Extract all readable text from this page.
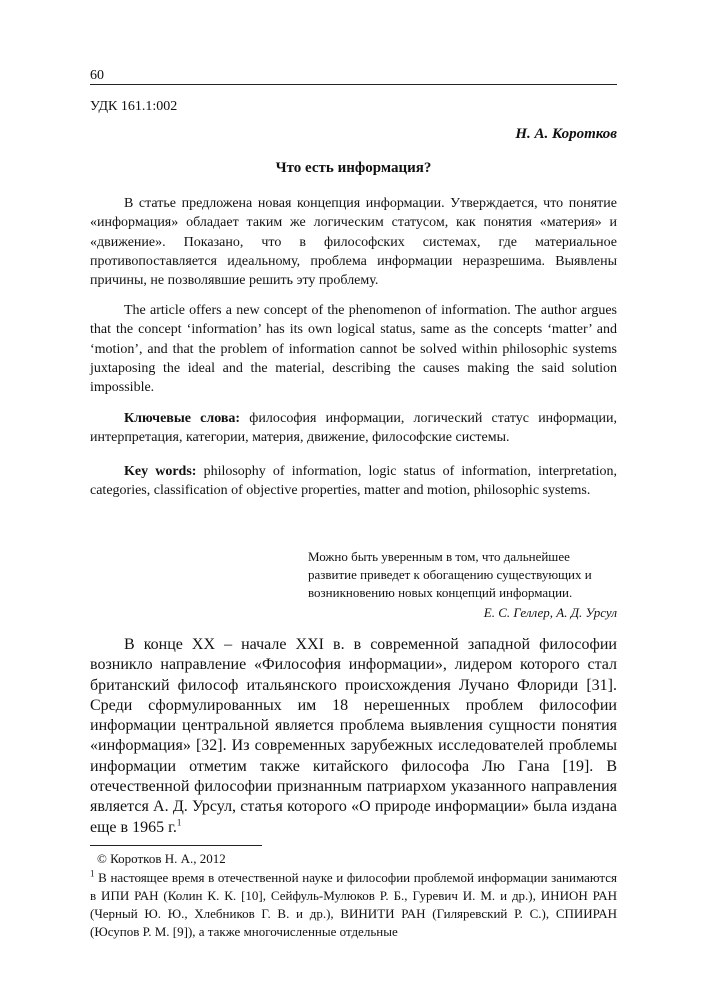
60
УДК 161.1:002
Н. А. Коротков
Что есть информация?

В статье предложена новая концепция информации. Утверждается, что понятие «информация» обладает таким же логическим статусом, как понятия «материя» и «движение». Показано, что в философских системах, где материальное противопоставляется идеальному, проблема информации неразрешима. Выявлены причины, не позволявшие решить эту проблему.

The article offers a new concept of the phenomenon of information. The author argues that the concept ‘information’ has its own logical status, same as the concepts ‘matter’ and ‘motion’, and that the problem of information cannot be solved within philosophic systems juxtaposing the ideal and the material, describing the causes making the said solution impossible.

Ключевые слова: философия информации, логический статус информации, интерпретация, категории, материя, движение, философские системы.

Key words: philosophy of information, logic status of information, interpretation, categories, classification of objective properties, matter and motion, philosophic systems.

Можно быть уверенным в том, что дальнейшее развитие приведет к обогащению существующих и возникновению новых концепций информации.
Е. С. Геллер, А. Д. Урсул

В конце XX – начале XXI в. в современной западной философии возникло направление «Философия информации», лидером которого стал британский философ итальянского происхождения Лучано Флориди [31]. Среди сформулированных им 18 нерешенных проблем философии информации центральной является проблема выявления сущности понятия «информация» [32]. Из современных зарубежных исследователей проблемы информации отметим также китайского философа Лю Гана [19]. В отечественной философии признанным патриархом указанного направления является А. Д. Урсул, статья которого «О природе информации» была издана еще в 1965 г.$^1$

© Коротков Н. А., 2012
$^1$ В настоящее время в отечественной науке и философии проблемой информации занимаются в ИПИ РАН (Колин К. К. [10], Сейфуль-Мулюков Р. Б., Гуревич И. М. и др.), ИНИОН РАН (Черный Ю. Ю., Хлебников Г. В. и др.), ВИНИТИ РАН (Гиляревский Р. С.), СПИИРАН (Юсупов Р. М. [9]), а также многочисленные отдельные
